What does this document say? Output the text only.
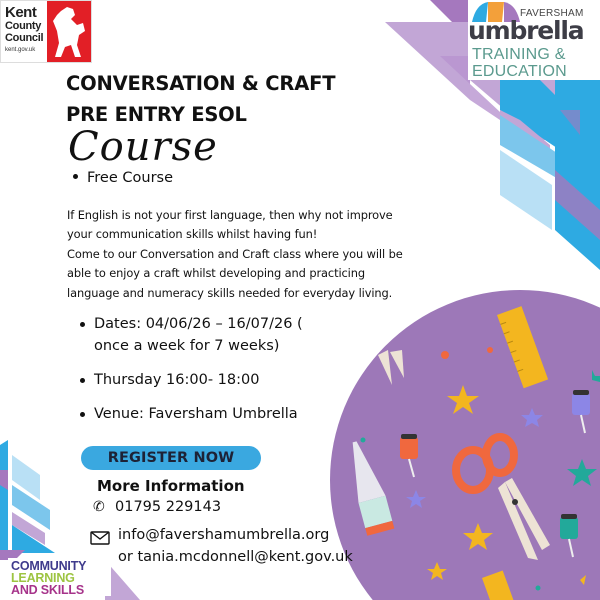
Kent
County
Council
kent.gov.uk
FAVERSHAM
umbrella
TRAINING &
EDUCATION
CONVERSATION & CRAFT
PRE ENTRY ESOL
Course
Free Course
If English is not your first language, then why not improve
your communication skills whilst having fun!
Come to our Conversation and Craft class where you will be
able to enjoy a craft whilst developing and practicing
language and numeracy skills needed for everyday living.
Dates: 04/06/26 – 16/07/26 (
once a week for 7 weeks)
Thursday 16:00- 18:00
Venue: Faversham Umbrella
REGISTER NOW
More Information
✆ 01795 229143
info@favershamumbrella.org
or tania.mcdonnell@kent.gov.uk
COMMUNITY
LEARNING
AND SKILLS
